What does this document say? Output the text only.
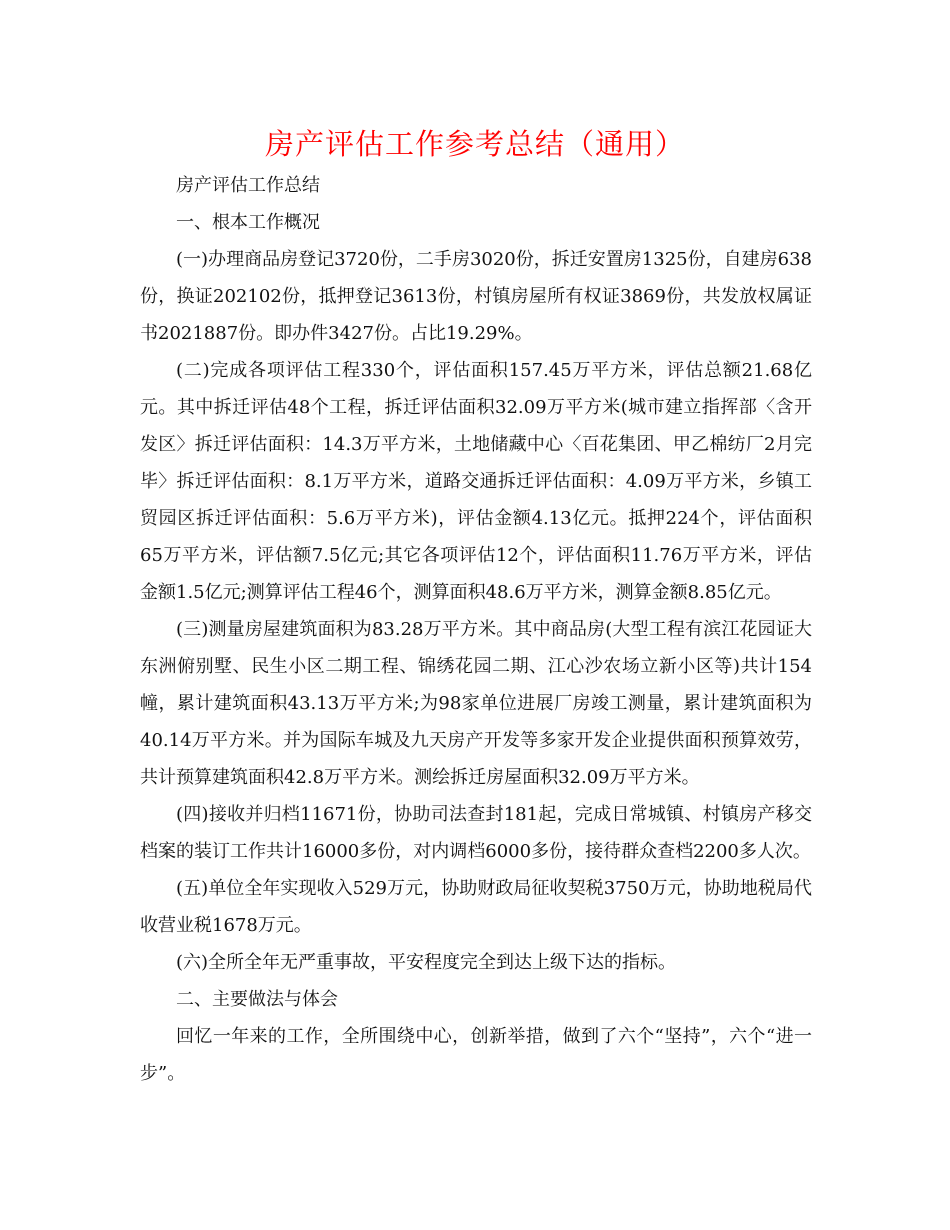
房产评估工作参考总结（通用）

房产评估工作总结

一、根本工作概况

(一)办理商品房登记3720份，二手房3020份，拆迁安置房1325份，自建房638份，换证202102份，抵押登记3613份，村镇房屋所有权证3869份，共发放权属证书2021887份。即办件3427份。占比19.29%。

(二)完成各项评估工程330个，评估面积157.45万平方米，评估总额21.68亿元。其中拆迁评估48个工程，拆迁评估面积32.09万平方米(城市建立指挥部〈含开发区〉拆迁评估面积：14.3万平方米，土地储藏中心〈百花集团、甲乙棉纺厂2月完毕〉拆迁评估面积：8.1万平方米，道路交通拆迁评估面积：4.09万平方米，乡镇工贸园区拆迁评估面积：5.6万平方米)，评估金额4.13亿元。抵押224个，评估面积65万平方米，评估额7.5亿元;其它各项评估12个，评估面积11.76万平方米，评估金额1.5亿元;测算评估工程46个，测算面积48.6万平方米，测算金额8.85亿元。

(三)测量房屋建筑面积为83.28万平方米。其中商品房(大型工程有滨江花园证大东洲俯别墅、民生小区二期工程、锦绣花园二期、江心沙农场立新小区等)共计154幢，累计建筑面积43.13万平方米;为98家单位进展厂房竣工测量，累计建筑面积为40.14万平方米。并为国际车城及九天房产开发等多家开发企业提供面积预算效劳，共计预算建筑面积42.8万平方米。测绘拆迁房屋面积32.09万平方米。

(四)接收并归档11671份，协助司法查封181起，完成日常城镇、村镇房产移交档案的装订工作共计16000多份，对内调档6000多份，接待群众查档2200多人次。

(五)单位全年实现收入529万元，协助财政局征收契税3750万元，协助地税局代收营业税1678万元。

(六)全所全年无严重事故，平安程度完全到达上级下达的指标。

二、主要做法与体会

回忆一年来的工作，全所围绕中心，创新举措，做到了六个“坚持”，六个“进一步”。
